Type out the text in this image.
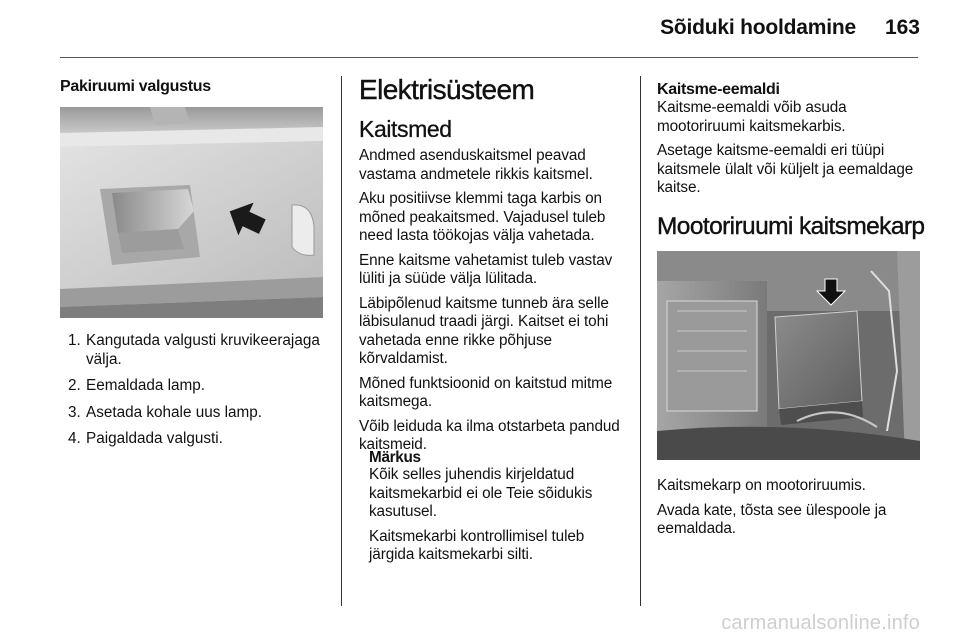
Sõiduki hooldamine 163
Pakiruumi valgustus
1. Kangutada valgusti kruvikeerajaga välja.
2. Eemaldada lamp.
3. Asetada kohale uus lamp.
4. Paigaldada valgusti.
Elektrisüsteem
Kaitsmed

Andmed asenduskaitsmel peavad vastama andmetele rikkis kaitsmel.

Aku positiivse klemmi taga karbis on mõned peakaitsmed. Vajadusel tuleb need lasta töökojas välja vahetada.

Enne kaitsme vahetamist tuleb vastav lüliti ja süüde välja lülitada.

Läbipõlenud kaitsme tunneb ära selle läbisulanud traadi järgi. Kaitset ei tohi vahetada enne rikke põhjuse kõrvaldamist.

Mõned funktsioonid on kaitstud mitme kaitsmega.

Võib leiduda ka ilma otstarbeta pandud kaitsmeid.

Märkus

Kõik selles juhendis kirjeldatud kaitsmekarbid ei ole Teie sõidukis kasutusel.

Kaitsmekarbi kontrollimisel tuleb järgida kaitsmekarbi silti.

Kaitsme-eemaldi

Kaitsme-eemaldi võib asuda mootoriruumi kaitsmekarbis.

Asetage kaitsme-eemaldi eri tüüpi kaitsmele ülalt või küljelt ja eemaldage kaitse.

Mootoriruumi kaitsmekarp

Kaitsmekarp on mootoriruumis.

Avada kate, tõsta see ülespoole ja eemaldada.

carmanualsonline.info
